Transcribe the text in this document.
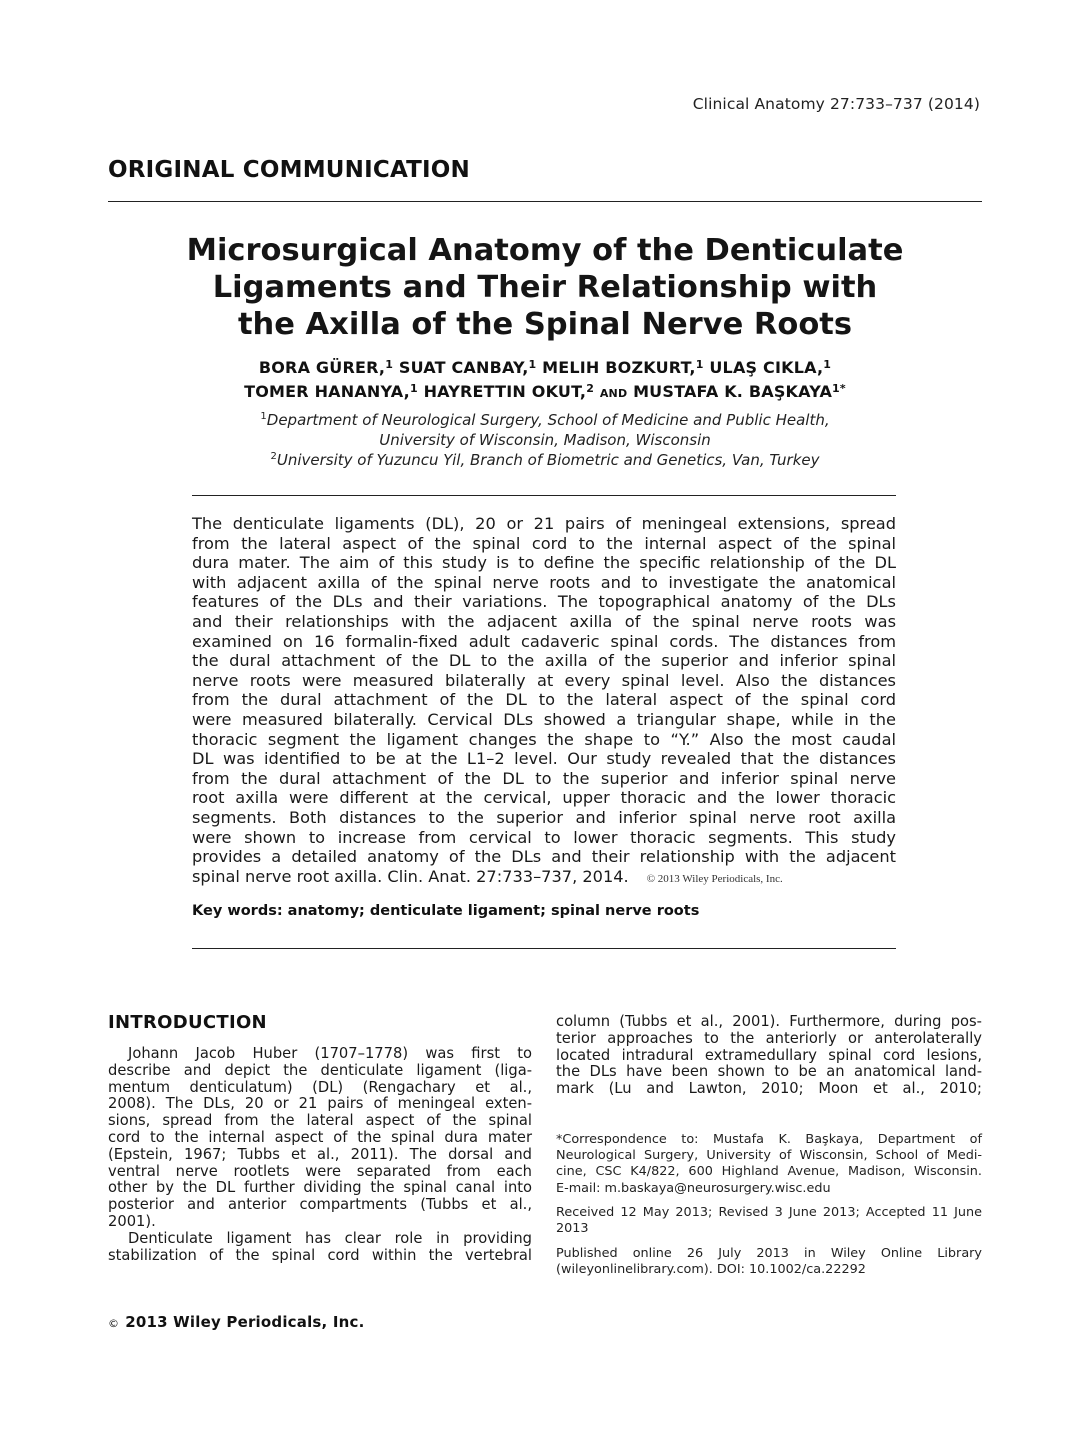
Clinical Anatomy 27:733–737 (2014)
ORIGINAL COMMUNICATION
Microsurgical Anatomy of the Denticulate
Ligaments and Their Relationship with
the Axilla of the Spinal Nerve Roots
BORA GÜRER,$^1$ SUAT CANBAY,$^1$ MELIH BOZKURT,$^1$ ULAŞ CIKLA,$^1$
TOMER HANANYA,$^1$ HAYRETTIN OKUT,$^2$ AND MUSTAFA K. $BAŞKAYA^{1*}$
$^1$Department of Neurological Surgery, School of Medicine and Public Health,
University of Wisconsin, Madison, Wisconsin
$^2$University of Yuzuncu Yil, Branch of Biometric and Genetics, Van, Turkey
The denticulate ligaments (DL), 20 or 21 pairs of meningeal extensions, spread
from the lateral aspect of the spinal cord to the internal aspect of the spinal
dura mater. The aim of this study is to define the specific relationship of the DL
with adjacent axilla of the spinal nerve roots and to investigate the anatomical
features of the DLs and their variations. The topographical anatomy of the DLs
and their relationships with the adjacent axilla of the spinal nerve roots was
examined on 16 formalin-fixed adult cadaveric spinal cords. The distances from
the dural attachment of the DL to the axilla of the superior and inferior spinal
nerve roots were measured bilaterally at every spinal level. Also the distances
from the dural attachment of the DL to the lateral aspect of the spinal cord
were measured bilaterally. Cervical DLs showed a triangular shape, while in the
thoracic segment the ligament changes the shape to “Y.” Also the most caudal
DL was identified to be at the L1–2 level. Our study revealed that the distances
from the dural attachment of the DL to the superior and inferior spinal nerve
root axilla were different at the cervical, upper thoracic and the lower thoracic
segments. Both distances to the superior and inferior spinal nerve root axilla
were shown to increase from cervical to lower thoracic segments. This study
provides a detailed anatomy of the DLs and their relationship with the adjacent
spinal nerve root axilla. Clin. Anat. 27:733–737, 2014. © 2013 Wiley Periodicals, Inc.
Key words: anatomy; denticulate ligament; spinal nerve roots
INTRODUCTION
Johann Jacob Huber (1707–1778) was first to
describe and depict the denticulate ligament (liga-
mentum denticulatum) (DL) (Rengachary et al.,
2008). The DLs, 20 or 21 pairs of meningeal exten-
sions, spread from the lateral aspect of the spinal
cord to the internal aspect of the spinal dura mater
(Epstein, 1967; Tubbs et al., 2011). The dorsal and
ventral nerve rootlets were separated from each
other by the DL further dividing the spinal canal into
posterior and anterior compartments (Tubbs et al.,
2001).
Denticulate ligament has clear role in providing
stabilization of the spinal cord within the vertebral
column (Tubbs et al., 2001). Furthermore, during pos-
terior approaches to the anteriorly or anterolaterally
located intradural extramedullary spinal cord lesions,
the DLs have been shown to be an anatomical land-
mark (Lu and Lawton, 2010; Moon et al., 2010;
*Correspondence to: Mustafa K. Başkaya, Department of
Neurological Surgery, University of Wisconsin, School of Medi-
cine, CSC K4/822, 600 Highland Avenue, Madison, Wisconsin.
E-mail: m.baskaya@neurosurgery.wisc.edu
Received 12 May 2013; Revised 3 June 2013; Accepted 11 June
2013
Published online 26 July 2013 in Wiley Online Library
(wileyonlinelibrary.com). DOI: 10.1002/ca.22292
© 2013 Wiley Periodicals, Inc.
